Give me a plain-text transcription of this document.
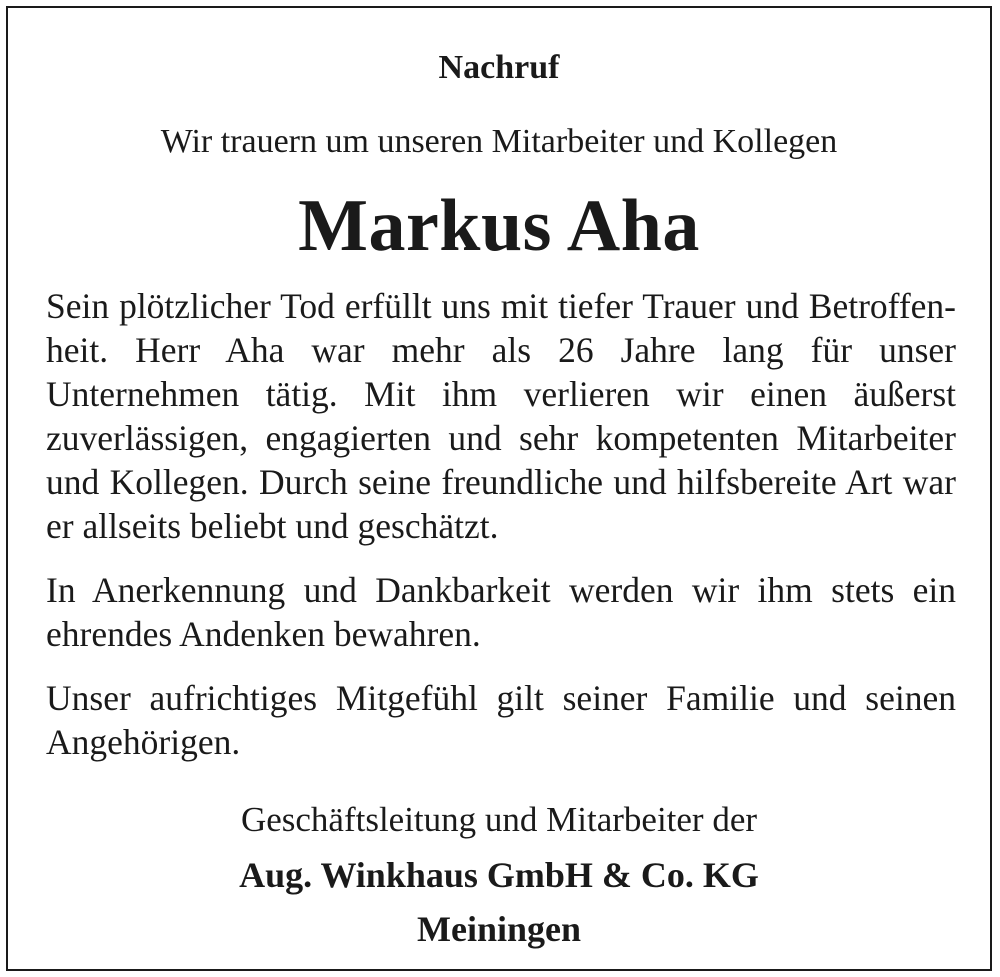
Nachruf

Wir trauern um unseren Mitarbeiter und Kollegen

Markus Aha

Sein plötzlicher Tod erfüllt uns mit tiefer Trauer und Betroffenheit. Herr Aha war mehr als 26 Jahre lang für unser Unternehmen tätig. Mit ihm verlieren wir einen äußerst zuverlässigen, engagierten und sehr kompetenten Mitarbeiter und Kollegen. Durch seine freundliche und hilfsbereite Art war er allseits beliebt und geschätzt.

In Anerkennung und Dankbarkeit werden wir ihm stets ein ehrendes Andenken bewahren.

Unser aufrichtiges Mitgefühl gilt seiner Familie und seinen Angehörigen.

Geschäftsleitung und Mitarbeiter der

Aug. Winkhaus GmbH & Co. KG

Meiningen
